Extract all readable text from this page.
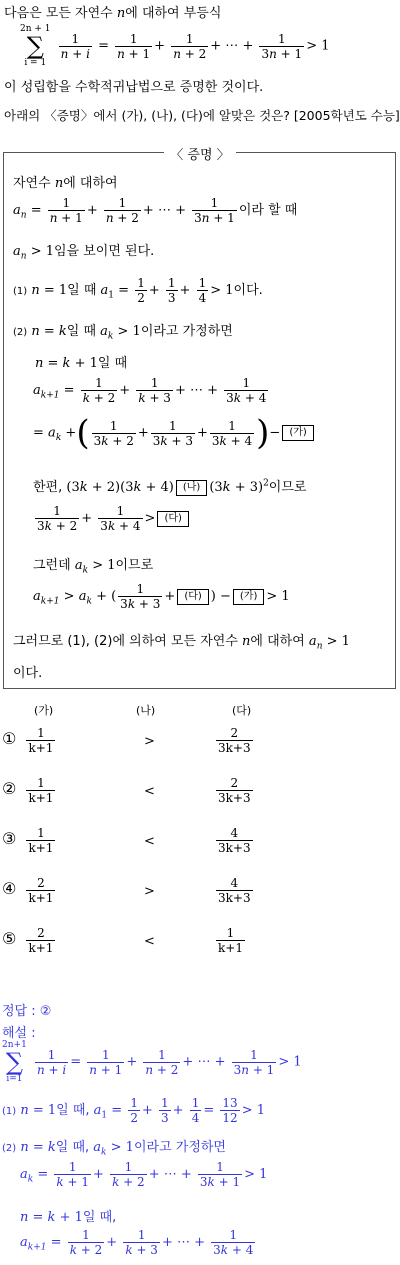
다음은 모든 자연수 n에 대하여 부등식
2n + 1
∑
i = 1

$\frac{1}{n + i} = \frac{1}{n + 1} + \frac{1}{n + 2}$ + ⋯ + $\frac{1}{3n + 1} > 1$
이 성립함을 수학적귀납법으로 증명한 것이다.
아래의 〈증명〉에서 (가), (나), (다)에 알맞은 것은? [2005학년도 수능]
〈 증명 〉
자연수 n에 대하여
$a_n = \frac{1}{n + 1} + \frac{1}{n + 2}$ + ⋯ + $\frac{1}{3n + 1}$ 이라 할 때
$a_n > 1$임을 보이면 된다.
(1) n = 1일 때 $a_1 = \frac{1}{2} + \frac{1}{3} + \frac{1}{4} > 1$이다.
(2) n = k일 때 $a_k > 1$이라고 가정하면
n = k + 1일 때
$a_{k+1} = \frac{1}{k + 2} + \frac{1}{k + 3}$ + ⋯ + $\frac{1}{3k + 4}$
= $a_k$ +( $\frac{1}{3k + 2} + \frac{1}{3k + 3} + \frac{1}{3k + 4}$ )− (가)
한편, (3k + 2)(3k + 4) (나) $(3k + 3)^2$이므로
$\frac{1}{3k + 2} + \frac{1}{3k + 4}$ > (다)
그런데 $a_k > 1$이므로
$a_{k+1} > a_k$ + ( $\frac{1}{3k + 3}$ + (다) ) − (가) > 1
그러므로 (1), (2)에 의하여 모든 자연수 n에 대하여 $a_n > 1$
이다.
(가)	(나)	(다)
① $\frac{1}{k+1}$	>	$\frac{2}{3k+3}$
② $\frac{1}{k+1}$	<	$\frac{2}{3k+3}$
③ $\frac{1}{k+1}$	<	$\frac{4}{3k+3}$
④ $\frac{2}{k+1}$	>	$\frac{4}{3k+3}$
⑤ $\frac{2}{k+1}$	<	$\frac{1}{k+1}$
정답 : ②
해설 :
2n+1
∑
i=1

$\frac{1}{n + i} = \frac{1}{n + 1} + \frac{1}{n + 2}$ + ⋯ + $\frac{1}{3n + 1} > 1$
(1) n = 1일 때, $a_1 = \frac{1}{2} + \frac{1}{3} + \frac{1}{4} = \frac{13}{12} > 1$
(2) n = k일 때, $a_k > 1$이라고 가정하면
$a_k = \frac{1}{k + 1} + \frac{1}{k + 2}$ + ⋯ + $\frac{1}{3k + 1} > 1$
n = k + 1일 때,
$a_{k+1} = \frac{1}{k + 2} + \frac{1}{k + 3}$ + ⋯ + $\frac{1}{3k + 4}$
